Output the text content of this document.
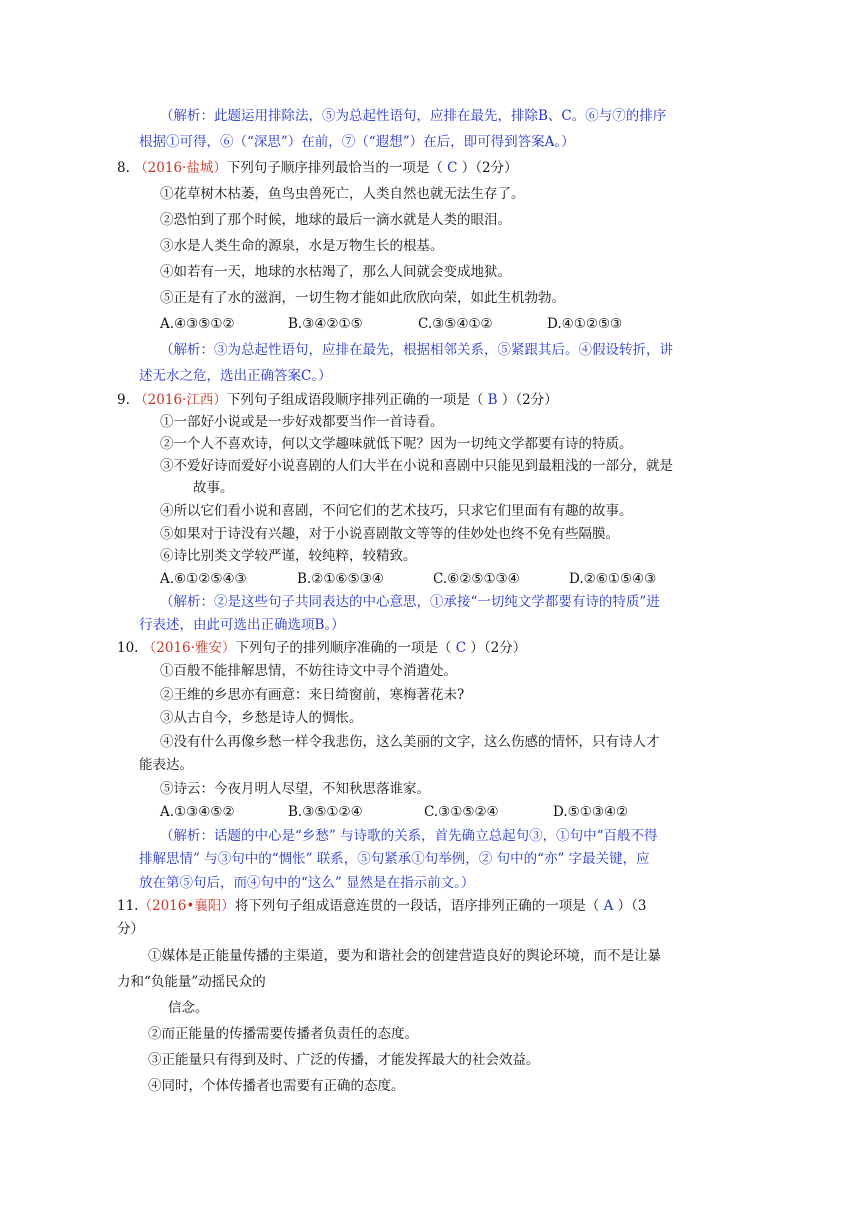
（解析：此题运用排除法，⑤为总起性语句，应排在最先，排除B、C。⑥与⑦的排序
根据①可得，⑥（“深思”）在前，⑦（“遐想”）在后，即可得到答案A。）
8. （2016·盐城）下列句子顺序排列最恰当的一项是（ C ）（2分）
①花草树木枯萎，鱼鸟虫兽死亡，人类自然也就无法生存了。
②恐怕到了那个时候，地球的最后一滴水就是人类的眼泪。
③水是人类生命的源泉，水是万物生长的根基。
④如若有一天，地球的水枯竭了，那么人间就会变成地狱。
⑤正是有了水的滋润，一切生物才能如此欣欣向荣，如此生机勃勃。
A.④③⑤①②	B.③④②①⑤	C.③⑤④①②	D.④①②⑤③
（解析：③为总起性语句，应排在最先，根据相邻关系，⑤紧跟其后。④假设转折，讲
述无水之危，选出正确答案C。）
9. （2016·江西）下列句子组成语段顺序排列正确的一项是（ B ）（2分）
①一部好小说或是一步好戏都要当作一首诗看。
②一个人不喜欢诗，何以文学趣味就低下呢？因为一切纯文学都要有诗的特质。
③不爱好诗而爱好小说喜剧的人们大半在小说和喜剧中只能见到最粗浅的一部分，就是
故事。
④所以它们看小说和喜剧，不问它们的艺术技巧，只求它们里面有有趣的故事。
⑤如果对于诗没有兴趣，对于小说喜剧散文等等的佳妙处也终不免有些隔膜。
⑥诗比别类文学较严谨，较纯粹，较精致。
A.⑥①②⑤④③	B.②①⑥⑤③④	C.⑥②⑤①③④	D.②⑥①⑤④③
（解析：②是这些句子共同表达的中心意思，①承接“一切纯文学都要有诗的特质”进
行表述，由此可选出正确选项B。）
10. （2016·雅安）下列句子的排列顺序准确的一项是（ C ）（2分）
①百般不能排解思情，不妨往诗文中寻个消遣处。
②王维的乡思亦有画意：来日绮窗前，寒梅著花未?
③从古自今，乡愁是诗人的惆怅。
④没有什么再像乡愁一样令我悲伤，这么美丽的文字，这么伤感的情怀，只有诗人才
能表达。
⑤诗云：今夜月明人尽望，不知秋思落谁家。
A.①③④⑤②	B.③⑤①②④	C.③①⑤②④	D.⑤①③④②
（解析：话题的中心是“乡愁” 与诗歌的关系，首先确立总起句③，①句中“百般不得
排解思情” 与③句中的“惆怅” 联系，⑤句紧承①句举例，② 句中的“亦” 字最关键，应
放在第⑤句后，而④句中的“这么” 显然是在指示前文。）
11.（2016•襄阳）将下列句子组成语意连贯的一段话，语序排列正确的一项是（ A ）（3
分）
①媒体是正能量传播的主渠道，要为和谐社会的创建营造良好的舆论环境，而不是让暴
力和“负能量”动摇民众的
信念。
②而正能量的传播需要传播者负责任的态度。
③正能量只有得到及时、广泛的传播，才能发挥最大的社会效益。
④同时，个体传播者也需要有正确的态度。
